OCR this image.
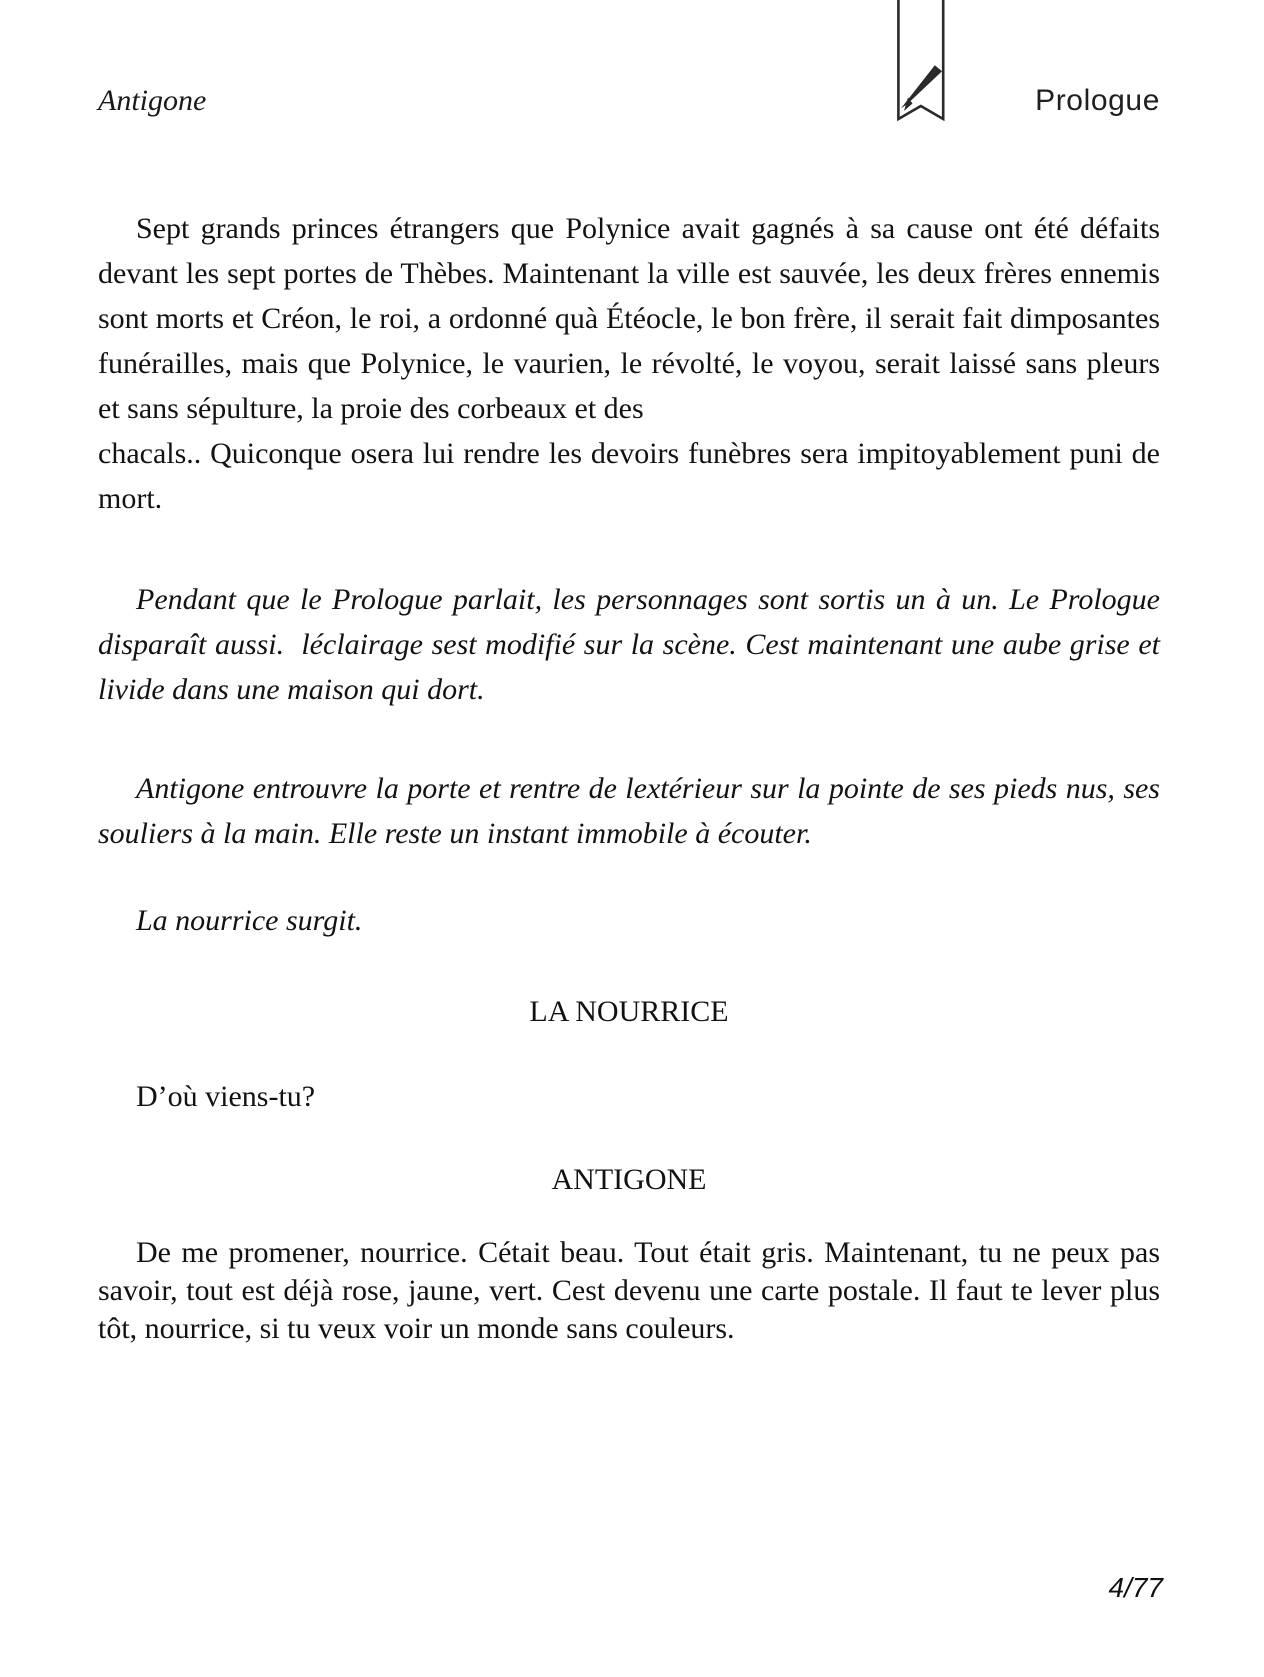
Antigone	Prologue

Sept grands princes étrangers que Polynice avait gagnés à sa cause ont été défaits devant les sept portes de Thèbes. Maintenant la ville est sauvée, les deux frères ennemis sont morts et Créon, le roi, a ordonné quà Étéocle, le bon frère, il serait fait dimposantes funérailles, mais que Polynice, le vaurien, le révolté, le voyou, serait laissé sans pleurs et sans sépulture, la proie des corbeaux et des

chacals.. Quiconque osera lui rendre les devoirs funèbres sera impitoyablement puni de mort.

Pendant que le Prologue parlait, les personnages sont sortis un à un. Le Prologue disparaît aussi.  léclairage sest modifié sur la scène. Cest maintenant une aube grise et livide dans une maison qui dort.

Antigone entrouvre la porte et rentre de lextérieur sur la pointe de ses pieds nus, ses souliers à la main. Elle reste un instant immobile à écouter.

La nourrice surgit.

LA NOURRICE

D’où viens-tu?

ANTIGONE

De me promener, nourrice. Cétait beau. Tout était gris. Maintenant, tu ne peux pas savoir, tout est déjà rose, jaune, vert. Cest devenu une carte postale. Il faut te lever plus tôt, nourrice, si tu veux voir un monde sans couleurs.

4/77
